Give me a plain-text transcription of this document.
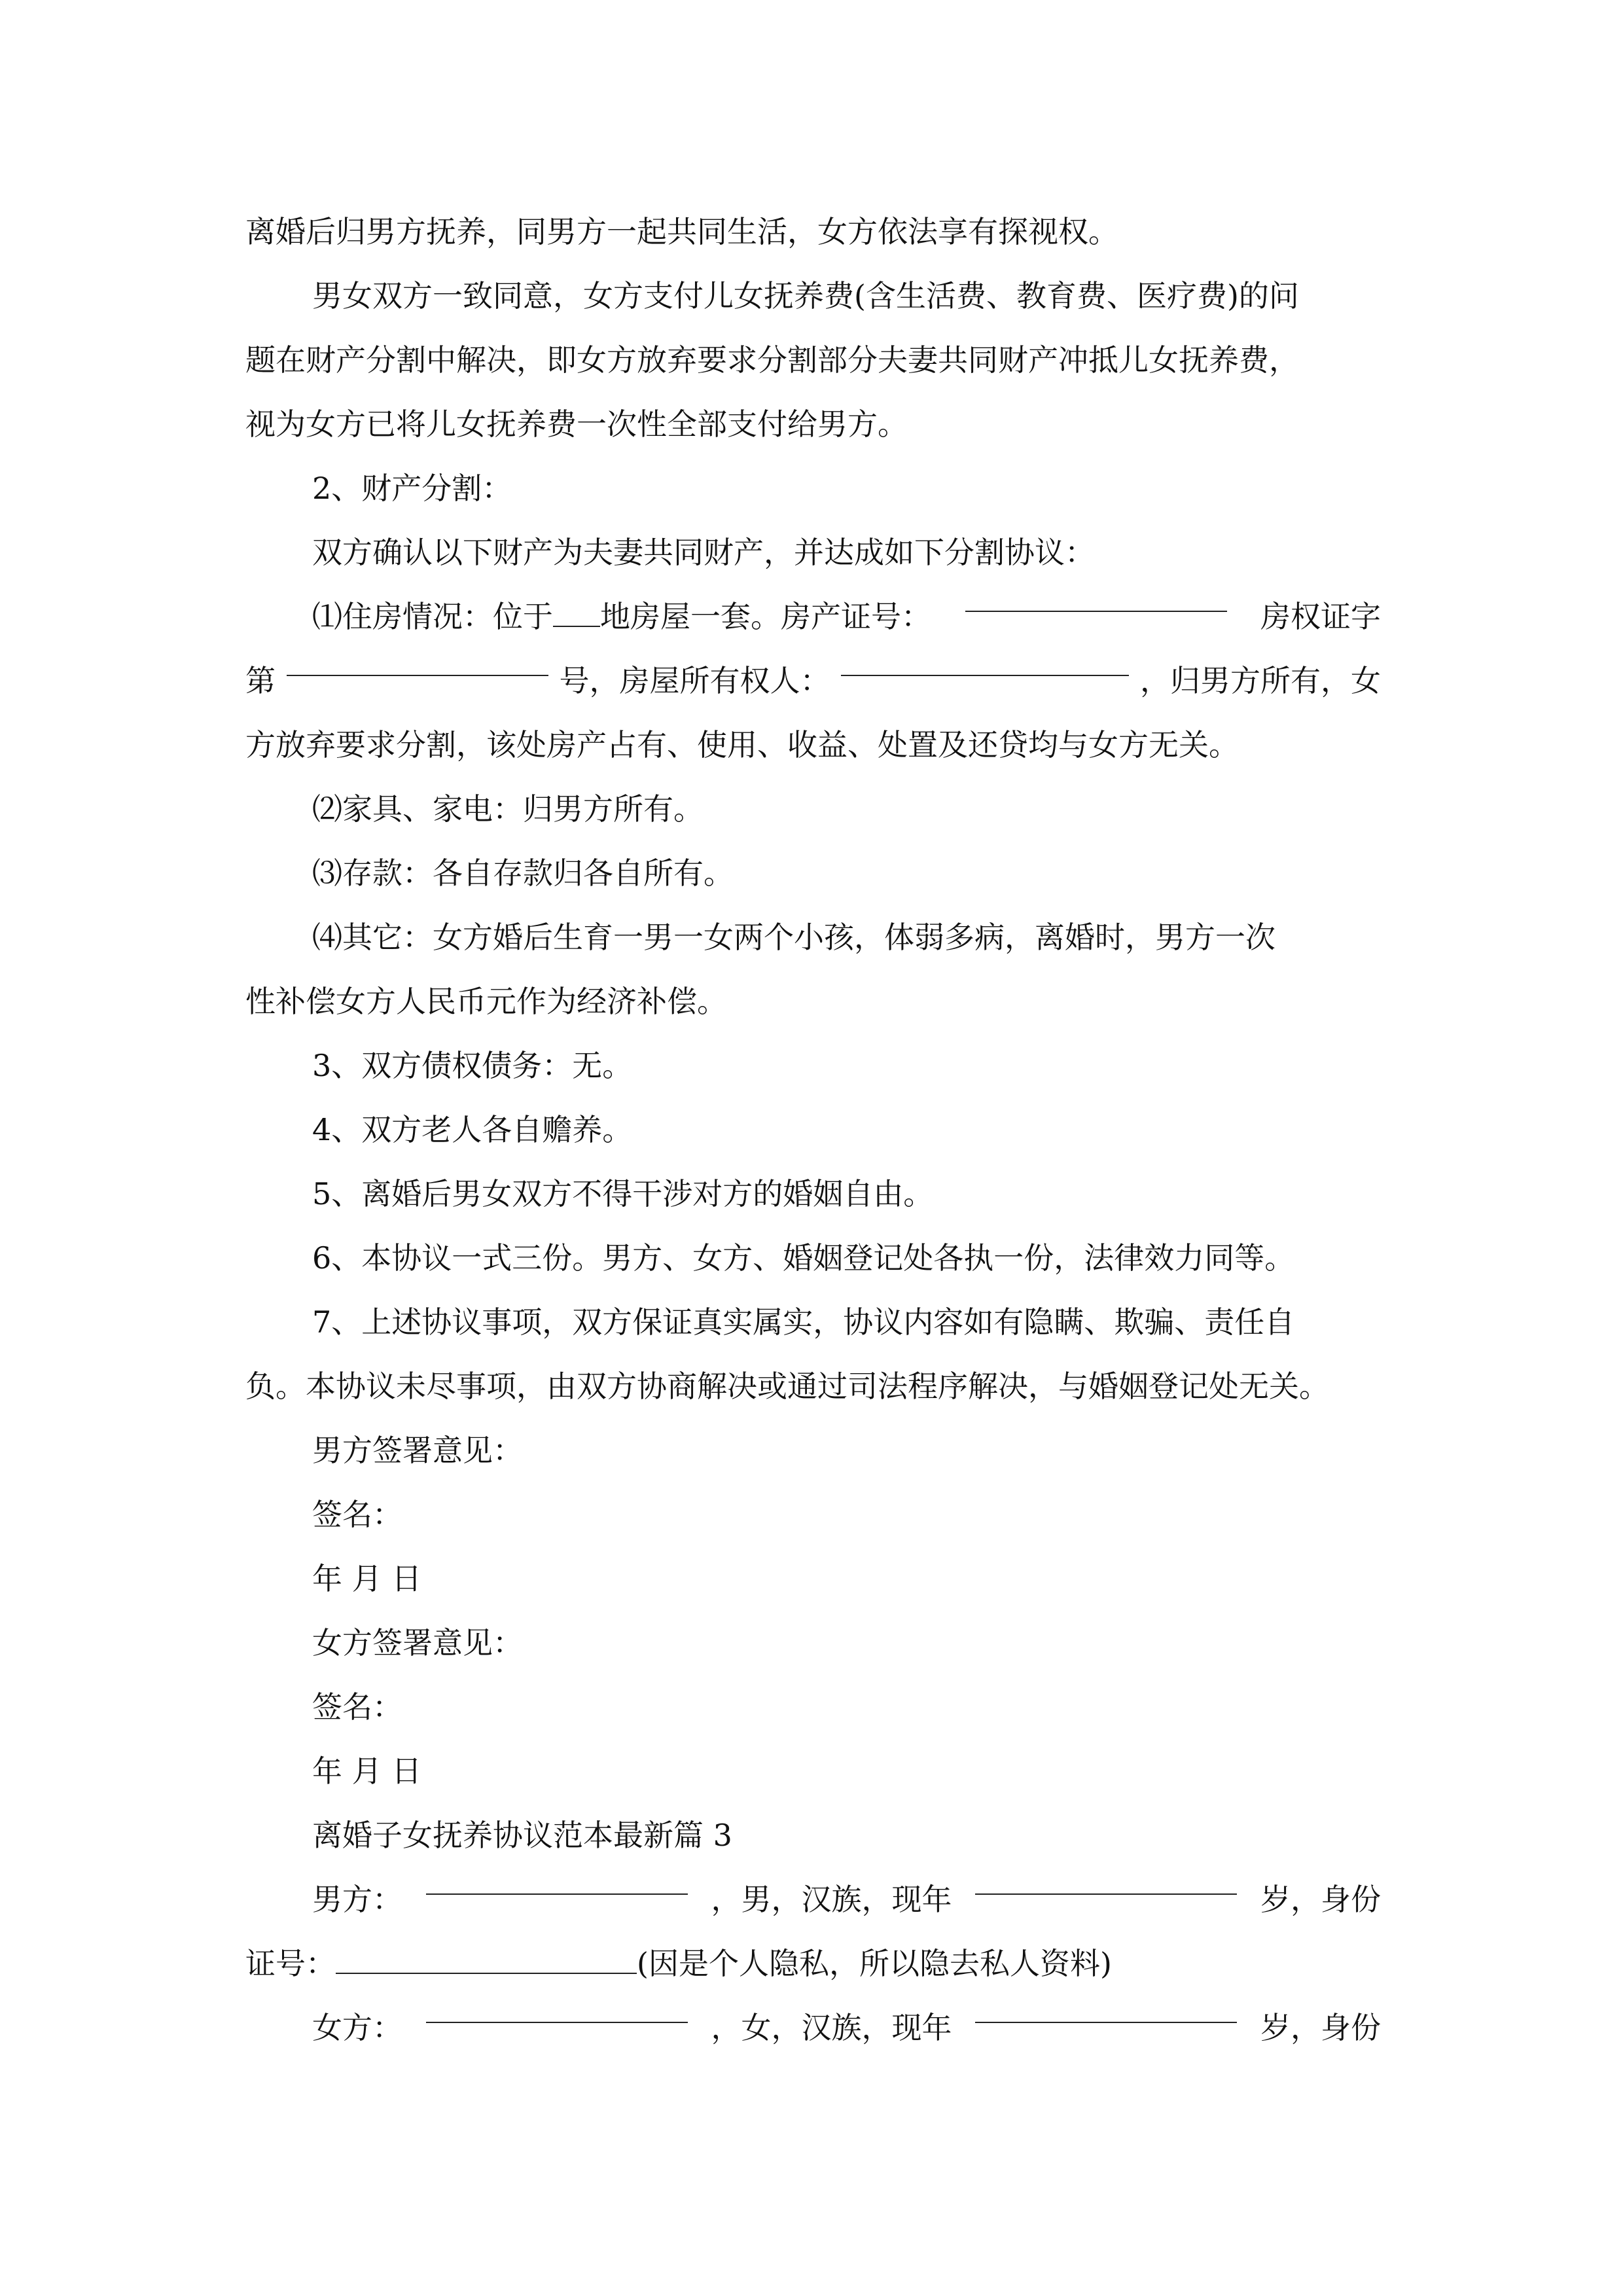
离婚后归男方抚养，同男方一起共同生活，女方依法享有探视权。
男女双方一致同意，女方支付儿女抚养费(含生活费、教育费、医疗费)的问
题在财产分割中解决，即女方放弃要求分割部分夫妻共同财产冲抵儿女抚养费，
视为女方已将儿女抚养费一次性全部支付给男方。
2、财产分割：
双方确认以下财产为夫妻共同财产，并达成如下分割协议：
⑴住房情况：位于 地房屋一套。房产证号：	房权证字
第	号，房屋所有权人：	，归男方所有，女
方放弃要求分割，该处房产占有、使用、收益、处置及还贷均与女方无关。
⑵家具、家电：归男方所有。
⑶存款：各自存款归各自所有。
⑷其它：女方婚后生育一男一女两个小孩，体弱多病，离婚时，男方一次
性补偿女方人民币元作为经济补偿。
3、双方债权债务：无。
4、双方老人各自赡养。
5、离婚后男女双方不得干涉对方的婚姻自由。
6、本协议一式三份。男方、女方、婚姻登记处各执一份，法律效力同等。
7、上述协议事项，双方保证真实属实，协议内容如有隐瞒、欺骗、责任自
负。本协议未尽事项，由双方协商解决或通过司法程序解决，与婚姻登记处无关。
男方签署意见：
签名：
年 月 日
女方签署意见：
签名：
年 月 日
离婚子女抚养协议范本最新篇 3
男方：	，男，汉族，现年	岁，身份
证号：	(因是个人隐私，所以隐去私人资料)
女方：	，女，汉族，现年	岁，身份
